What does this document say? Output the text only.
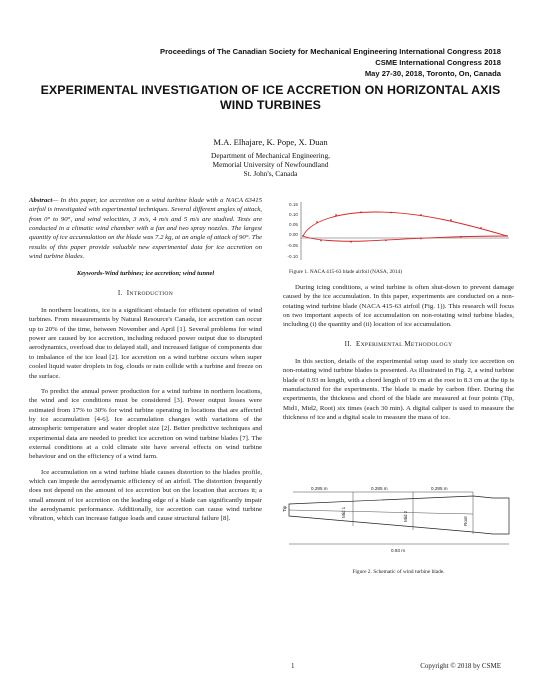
Proceedings of The Canadian Society for Mechanical Engineering International Congress 2018
CSME International Congress 2018
May 27-30, 2018, Toronto, On, Canada
EXPERIMENTAL INVESTIGATION OF ICE ACCRETION ON HORIZONTAL AXIS
WIND TURBINES
M.A. Elhajare, K. Pope, X. Duan
Department of Mechanical Engineering,
Memorial University of Newfoundland
St. John's, Canada

Abstract— In this paper, ice accretion on a wind turbine blade with a NACA 63415 airfoil is investigated with experimental techniques. Several different angles of attack, from 0° to 90°, and wind velocities, 3 m/s, 4 m/s and 5 m/s are studied. Tests are conducted in a climatic wind chamber with a fan and two spray nozzles. The largest quantity of ice accumulation on the blade was 7.2 kg, at an angle of attack of 90°. The results of this paper provide valuable new experimental data for ice accretion on wind turbine blades.

Keywords-Wind turbines; ice accretion; wind tunnel
I. INTRODUCTION

In northern locations, ice is a significant obstacle for efficient operation of wind turbines. From measurements by Natural Resource's Canada, ice accretion can occur up to 20% of the time, between November and April [1]. Several problems for wind power are caused by ice accretion, including reduced power output due to disrupted aerodynamics, overload due to delayed stall, and increased fatigue of components due to imbalance of the ice load [2]. Ice accretion on a wind turbine occurs when super cooled liquid water droplets in fog, clouds or rain collide with a turbine and freeze on the surface.

To predict the annual power production for a wind turbine in northern locations, the wind and ice conditions must be considered [3]. Power output losses were estimated from 17% to 30% for wind turbine operating in locations that are affected by ice accumulation [4-6]. Ice accumulation changes with variations of the atmospheric temperature and water droplet size [2]. Better predictive techniques and experimental data are needed to predict ice accretion on wind turbine blades [7]. The external conditions at a cold climate site have several effects on wind turbine behaviour and on the efficiency of a wind farm.

Ice accumulation on a wind turbine blade causes distortion to the blades profile, which can impede the aerodynamic efficiency of an airfoil. The distortion frequently does not depend on the amount of ice accretion but on the location that accrues it; a small amount of ice accretion on the leading edge of a blade can significantly impair the aerodynamic performance. Additionally, ice accretion can cause wind turbine vibration, which can increase fatigue loads and cause structural failure [8].

0.15
0.10
0.05
0.00
-0.05
-0.10
Figure 1. NACA 415-63 blade airfoil (NASA, 2014)

During icing conditions, a wind turbine is often shut-down to prevent damage caused by the ice accumulation. In this paper, experiments are conducted on a non-rotating wind turbine blade (NACA 415-63 airfoil (Fig. 1)). This research will focus on two important aspects of ice accumulation on non-rotating wind turbine blades, including (i) the quantity and (ii) location of ice accumulation.

II. EXPERIMENTAL METHODOLOGY

In this section, details of the experimental setup used to study ice accretion on non-rotating wind turbine blades is presented. As illustrated in Fig. 2, a wind turbine blade of 0.93 m length, with a chord length of 19 cm at the root to 8.3 cm at the tip is manufactured for the experiments. The blade is made by carbon fiber. During the experiments, the thickness and chord of the blade are measured at four points (Tip, Mid1, Mid2, Root) six times (each 30 min). A digital caliper is used to measure the thickness of ice and a digital scale to measure the mass of ice.

0.285 m	0.285 m	0.285 m
Tip	Mid 1	Mid 2	Root
0.93 m
Figure 2. Schematic of wind turbine blade.
1	Copyright © 2018 by CSME
